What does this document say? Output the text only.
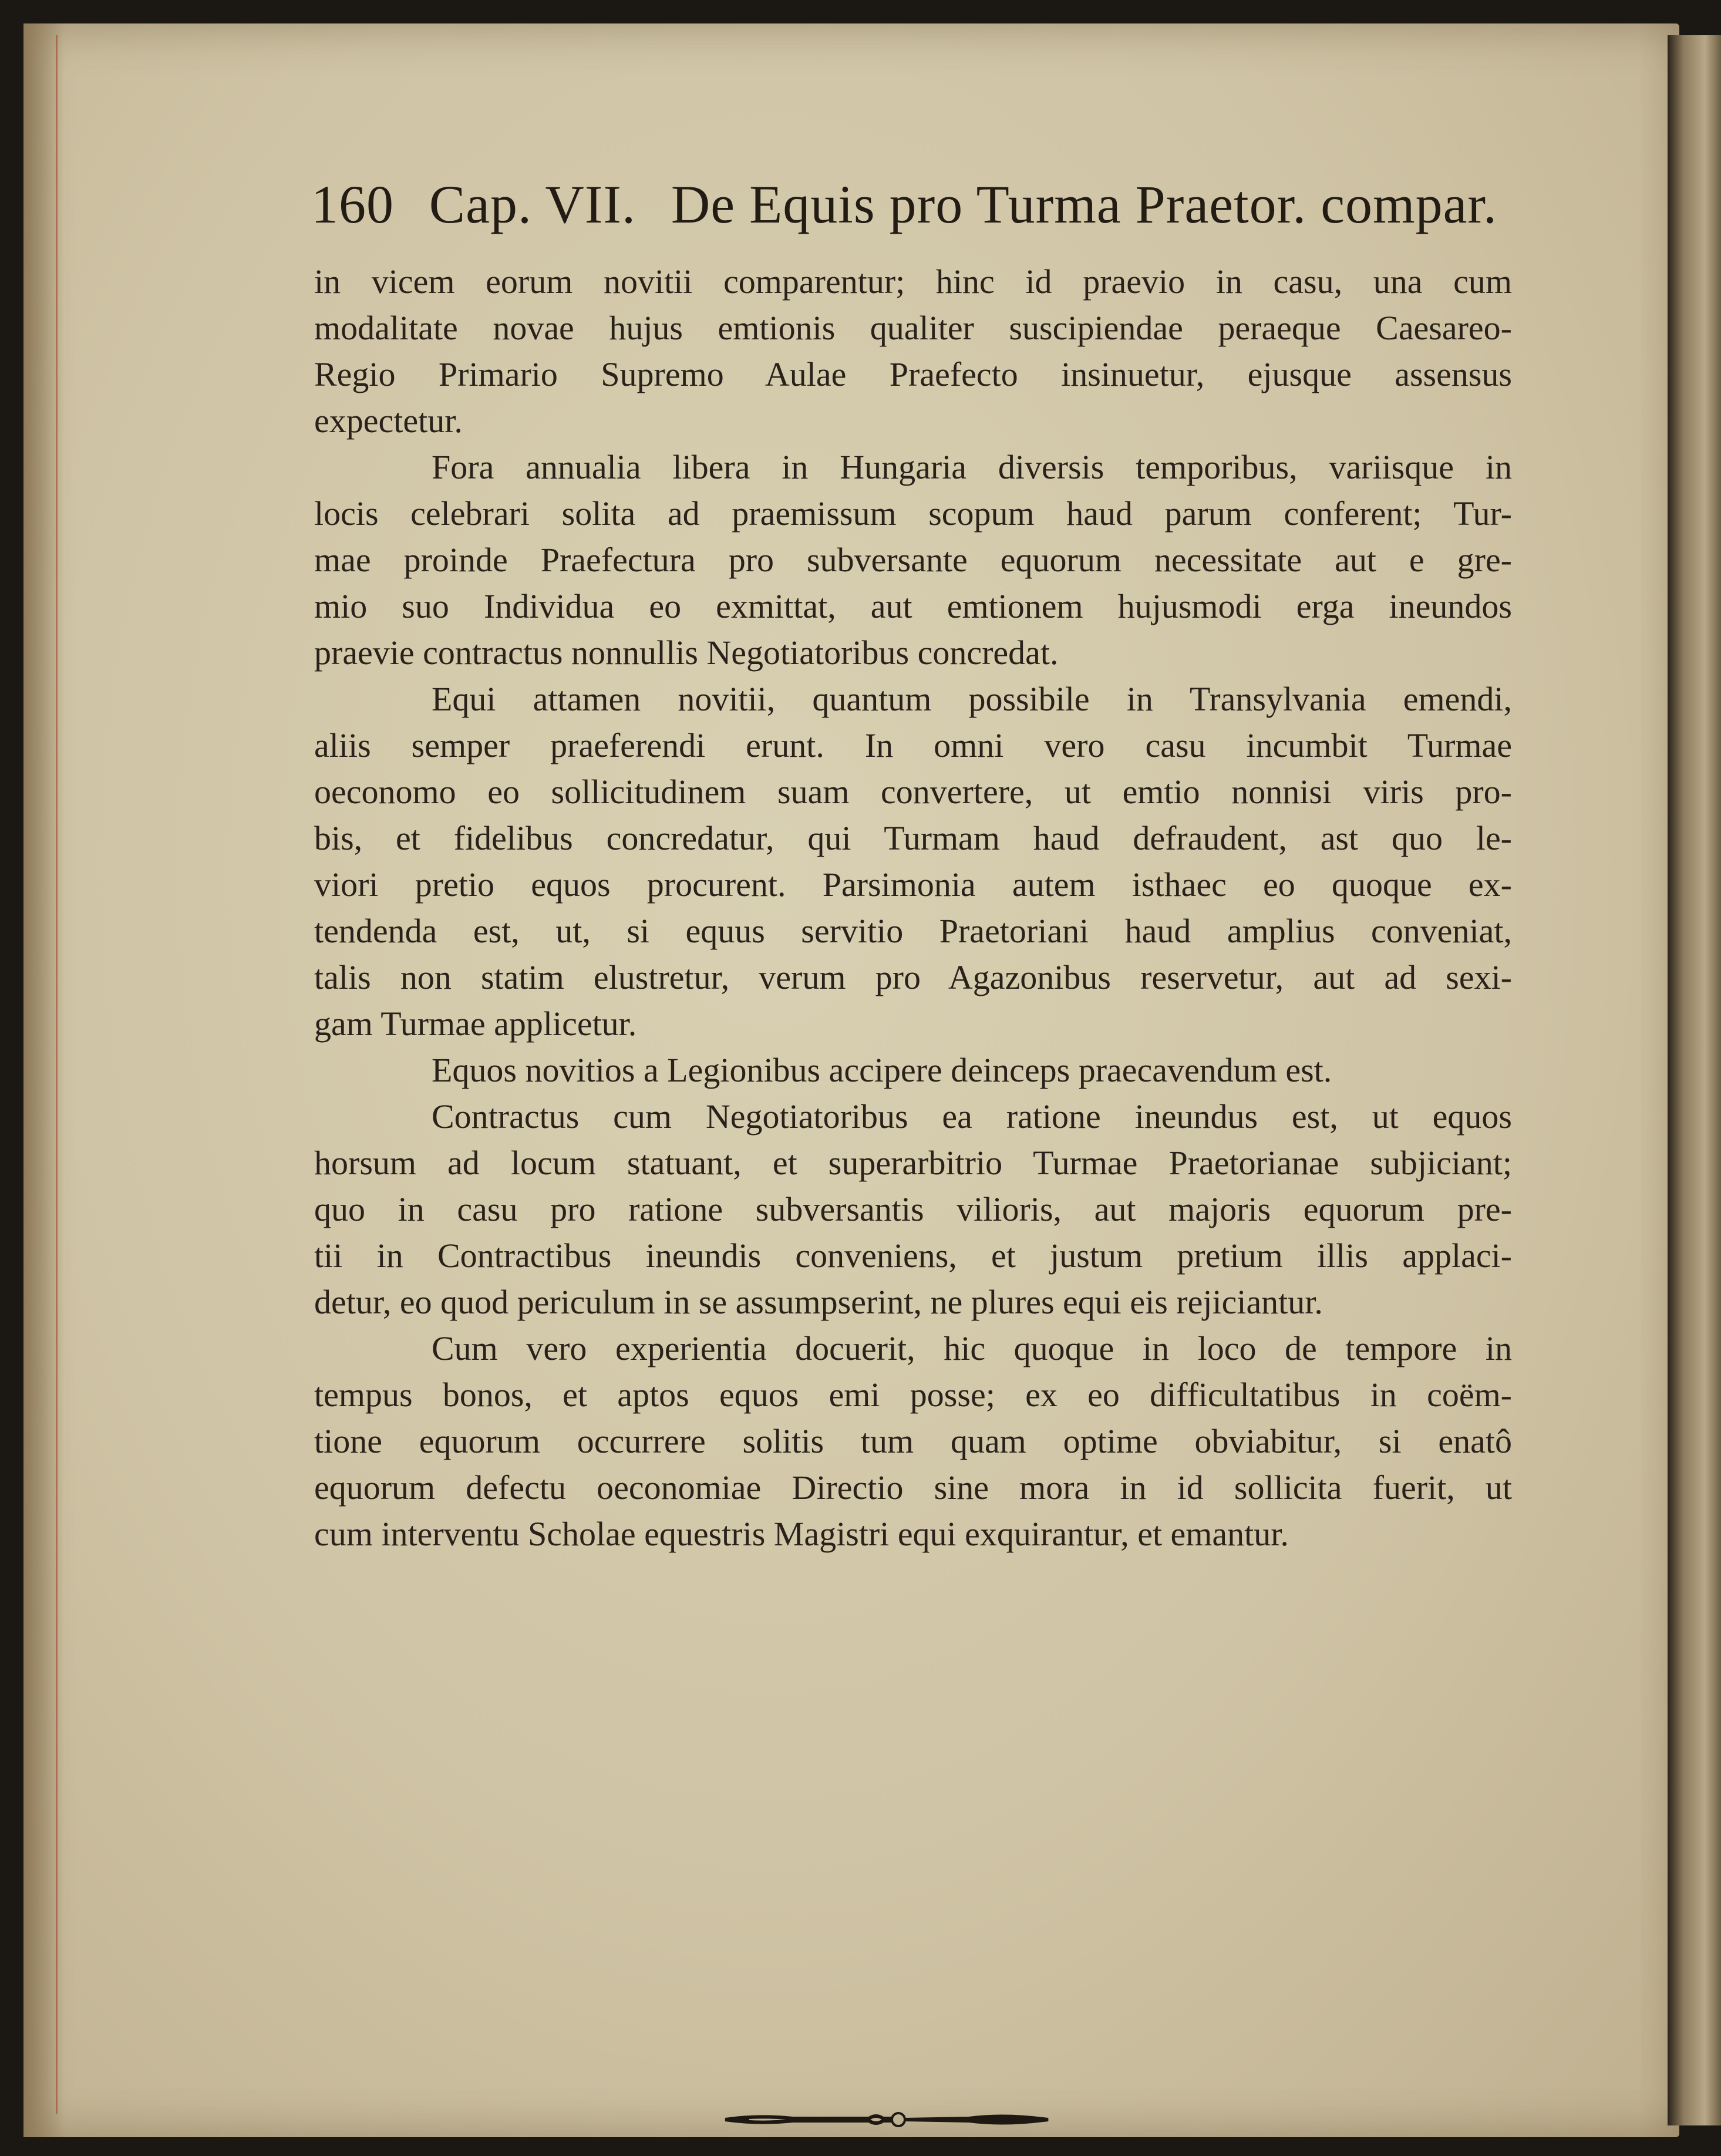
160 Cap. VII. De Equis pro Turma Praetor. compar.
in vicem eorum novitii comparentur; hinc id praevio in casu, una cum
modalitate novae hujus emtionis qualiter suscipiendae peraeque Caesareo-
Regio Primario Supremo Aulae Praefecto insinuetur, ejusque assensus
expectetur.
Fora annualia libera in Hungaria diversis temporibus, variisque in
locis celebrari solita ad praemissum scopum haud parum conferent; Tur-
mae proinde Praefectura pro subversante equorum necessitate aut e gre-
mio suo Individua eo exmittat, aut emtionem hujusmodi erga ineundos
praevie contractus nonnullis Negotiatoribus concredat.
Equi attamen novitii, quantum possibile in Transylvania emendi,
aliis semper praeferendi erunt. In omni vero casu incumbit Turmae
oeconomo eo sollicitudinem suam convertere, ut emtio nonnisi viris pro-
bis, et fidelibus concredatur, qui Turmam haud defraudent, ast quo le-
viori pretio equos procurent. Parsimonia autem isthaec eo quoque ex-
tendenda est, ut, si equus servitio Praetoriani haud amplius conveniat,
talis non statim elustretur, verum pro Agazonibus reservetur, aut ad sexi-
gam Turmae applicetur.
Equos novitios a Legionibus accipere deinceps praecavendum est.
Contractus cum Negotiatoribus ea ratione ineundus est, ut equos
horsum ad locum statuant, et superarbitrio Turmae Praetorianae subjiciant;
quo in casu pro ratione subversantis vilioris, aut majoris equorum pre-
tii in Contractibus ineundis conveniens, et justum pretium illis applaci-
detur, eo quod periculum in se assumpserint, ne plures equi eis rejiciantur.
Cum vero experientia docuerit, hic quoque in loco de tempore in
tempus bonos, et aptos equos emi posse; ex eo difficultatibus in coëm-
tione equorum occurrere solitis tum quam optime obviabitur, si enatô
equorum defectu oeconomiae Directio sine mora in id sollicita fuerit, ut
cum interventu Scholae equestris Magistri equi exquirantur, et emantur.
